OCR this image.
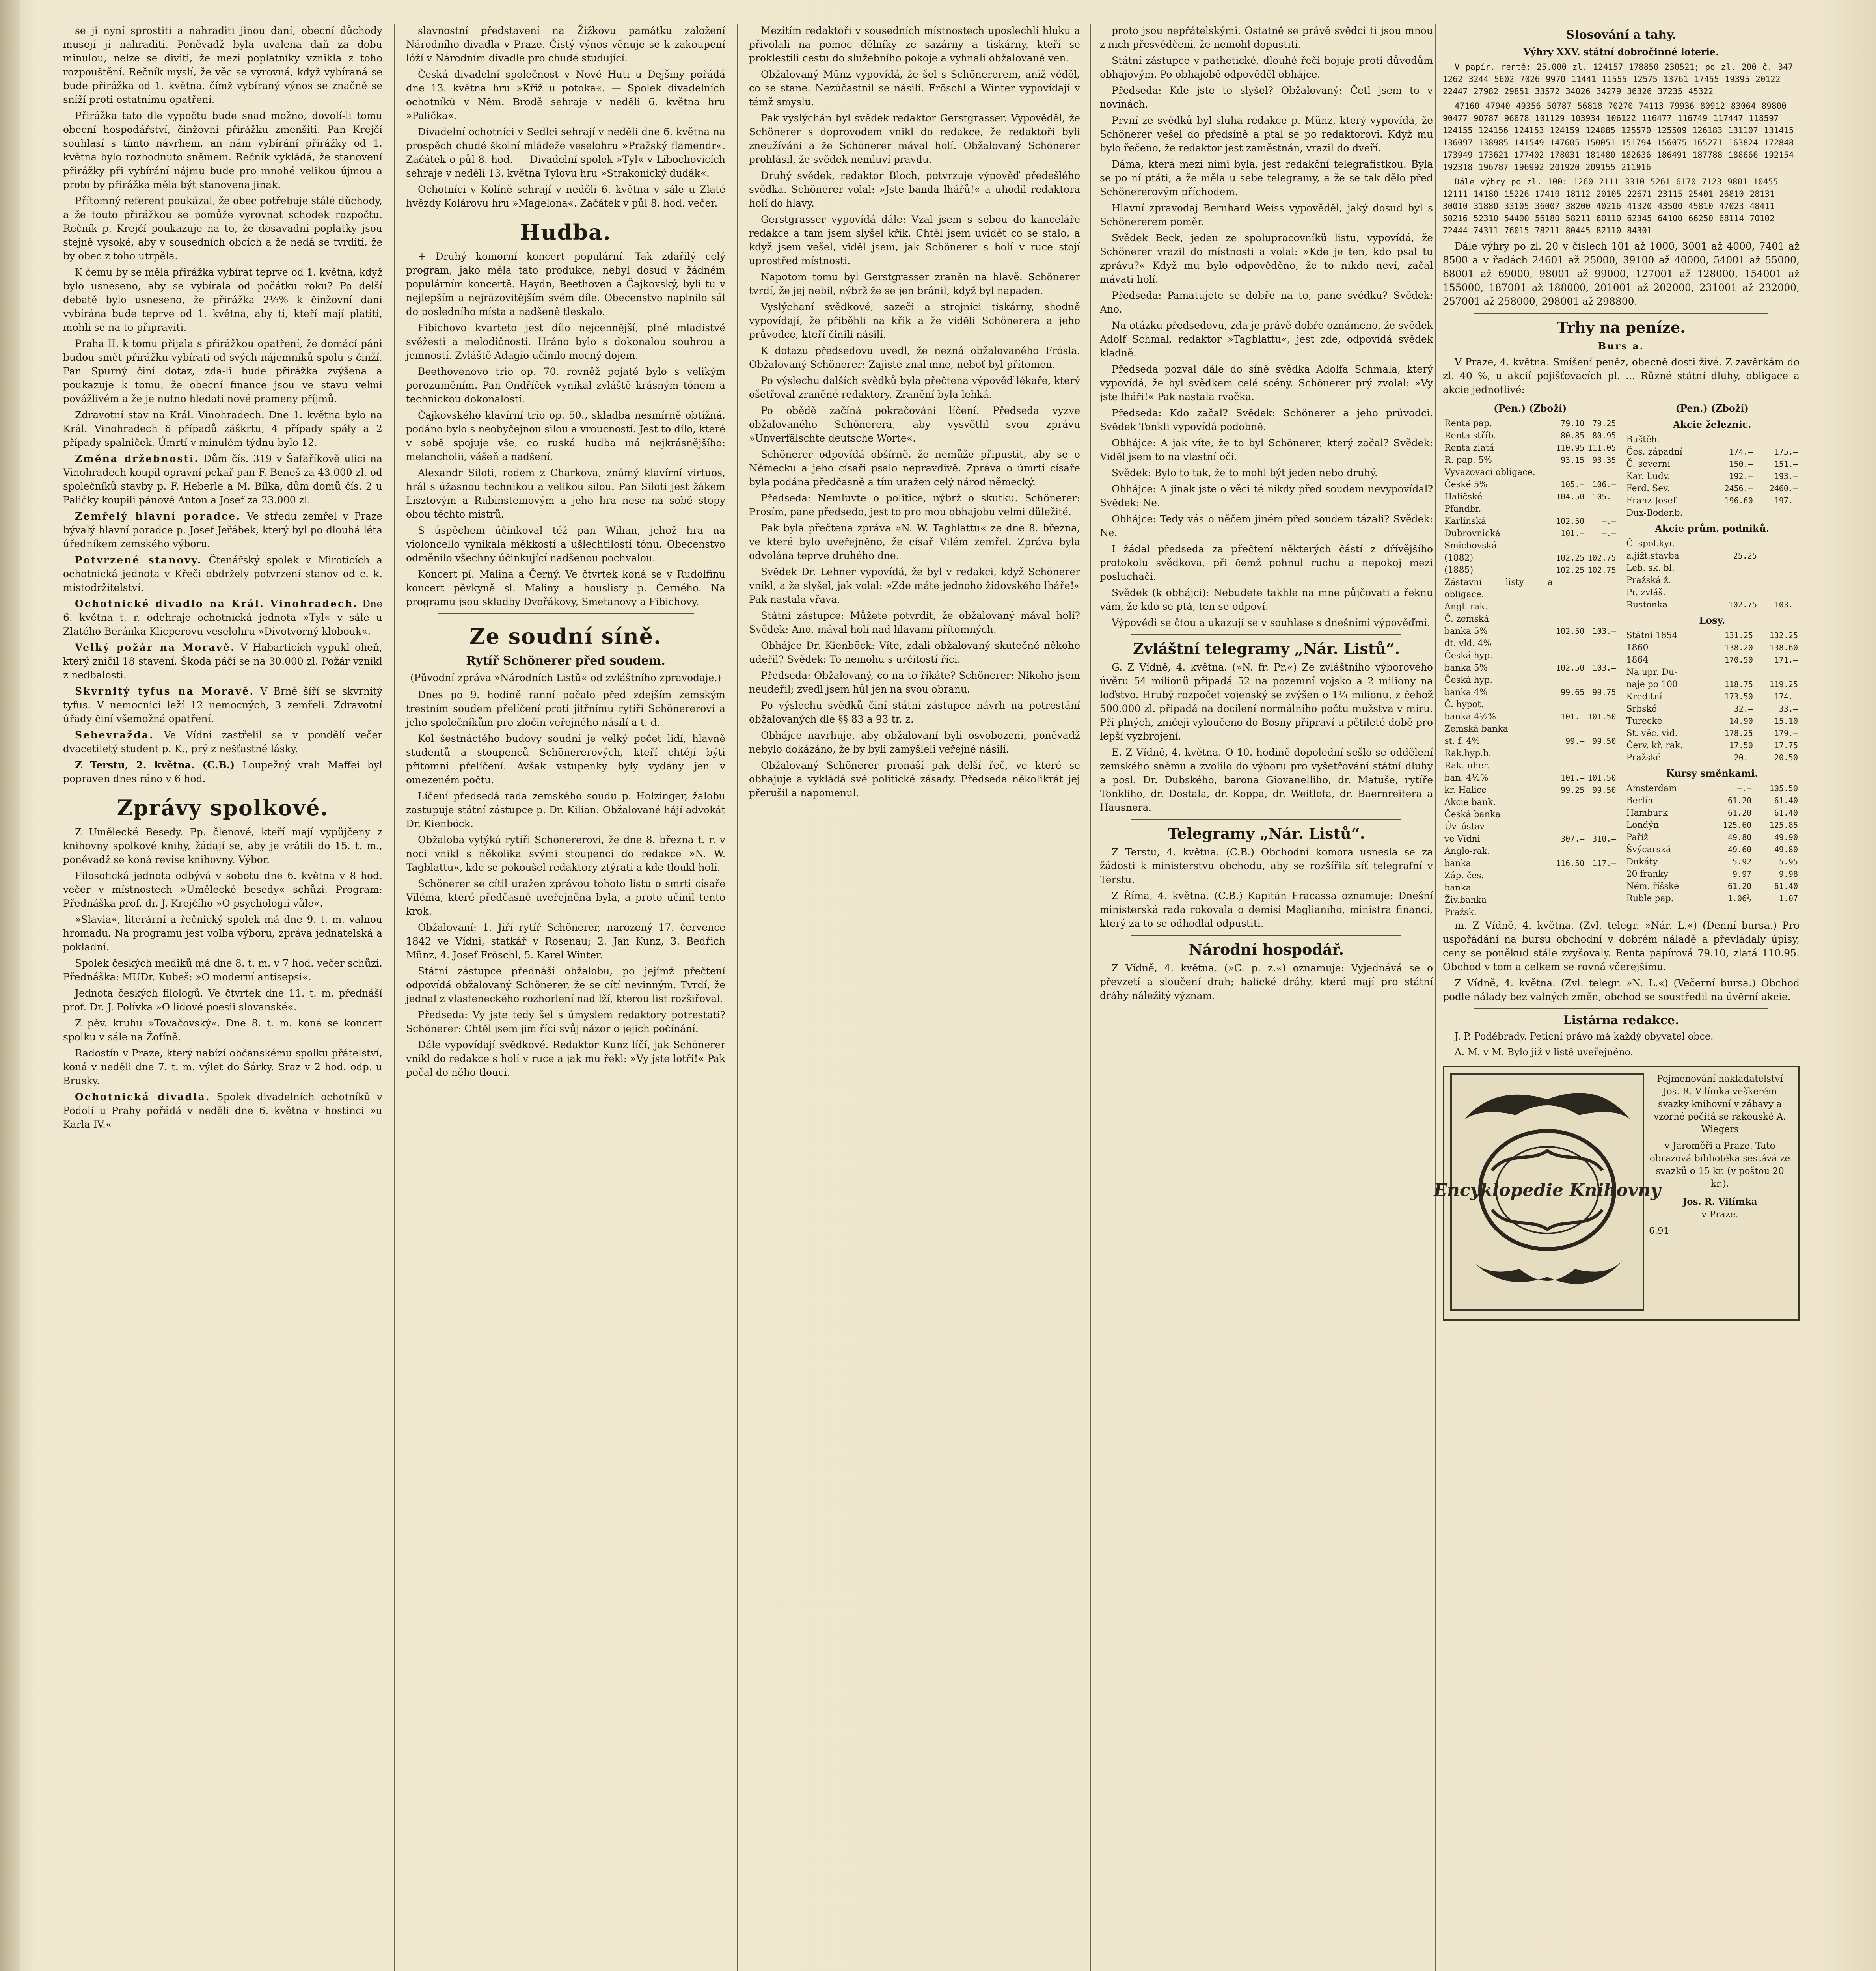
se ji nyní sprostiti a nahraditi jinou daní, obecní důchody musejí ji nahraditi. Poněvadž byla uvalena daň za dobu minulou, nelze se diviti, že mezi poplatníky vznikla z toho rozpouštění. Rečník myslí, že věc se vyrovná, když vybíraná se bude přirážka od 1. května, čímž vybíraný výnos se značně se sníží proti ostatnímu opatření.

Přirážka tato dle vypočtu bude snad možno, dovolí-li tomu obecní hospodářství, činžovní přirážku zmenšiti. Pan Krejčí souhlasí s tímto návrhem, an nám vybírání přirážky od 1. května bylo rozhodnuto sněmem. Rečník vykládá, že stanovení přirážky při vybírání nájmu bude pro mnohé velikou újmou a proto by přirážka měla být stanovena jinak.

Přítomný referent poukázal, že obec potřebuje stálé důchody, a že touto přirážkou se pomůže vyrovnat schodek rozpočtu. Rečník p. Krejčí poukazuje na to, že dosavadní poplatky jsou stejně vysoké, aby v sousedních obcích a že nedá se tvrditi, že by obec z toho utrpěla.

K čemu by se měla přirážka vybírat teprve od 1. května, když bylo usneseno, aby se vybírala od počátku roku? Po delší debatě bylo usneseno, že přirážka 2½% k činžovní dani vybírána bude teprve od 1. května, aby ti, kteří mají platiti, mohli se na to připraviti.

Praha II. k tomu přijala s přirážkou opatření, že domácí páni budou smět přirážku vybírati od svých nájemníků spolu s činží. Pan Spurný činí dotaz, zda-li bude přirážka zvýšena a poukazuje k tomu, že obecní finance jsou ve stavu velmi povážlivém a že je nutno hledati nové prameny příjmů.

Zdravotní stav na Král. Vinohradech. Dne 1. května bylo na Král. Vinohradech 6 případů záškrtu, 4 případy spály a 2 případy spalniček. Úmrtí v minulém týdnu bylo 12.

Změna držebnosti. Dům čís. 319 v Šafaříkově ulici na Vinohradech koupil opravní pekař pan F. Beneš za 43.000 zl. od společníků stavby p. F. Heberle a M. Bílka, dům domů čís. 2 u Paličky koupili pánové Anton a Josef za 23.000 zl.

Zemřelý hlavní poradce. Ve středu zemřel v Praze bývalý hlavní poradce p. Josef Jeřábek, který byl po dlouhá léta úředníkem zemského výboru.

Potvrzené stanovy. Čtenářský spolek v Miroticích a ochotnická jednota v Křeči obdržely potvrzení stanov od c. k. místodržitelství.

Ochotnické divadlo na Král. Vinohradech. Dne 6. května t. r. odehraje ochotnická jednota »Tyl« v sále u Zlatého Beránka Klicperovu veselohru »Divotvorný klobouk«.

Velký požár na Moravě. V Habarticích vypukl oheň, který zničil 18 stavení. Škoda páčí se na 30.000 zl. Požár vznikl z nedbalosti.

Skvrnitý tyfus na Moravě. V Brně šíří se skvrnitý tyfus. V nemocnici leží 12 nemocných, 3 zemřeli. Zdravotní úřady činí všemožná opatření.

Sebevražda. Ve Vídni zastřelil se v pondělí večer dvacetiletý student p. K., prý z nešťastné lásky.

Z Terstu, 2. května. (C.B.) Loupežný vrah Maffei byl popraven dnes ráno v 6 hod.

Zprávy spolkové.

Z Umělecké Besedy. Pp. členové, kteří mají vypůjčeny z knihovny spolkové knihy, žádají se, aby je vrátili do 15. t. m., poněvadž se koná revise knihovny. Výbor.

Filosofická jednota odbývá v sobotu dne 6. května v 8 hod. večer v místnostech »Umělecké besedy« schůzi. Program: Přednáška prof. dr. J. Krejčího »O psychologii vůle«.

»Slavia«, literární a řečnický spolek má dne 9. t. m. valnou hromadu. Na programu jest volba výboru, zpráva jednatelská a pokladní.

Spolek českých mediků má dne 8. t. m. v 7 hod. večer schůzi. Přednáška: MUDr. Kubeš: »O moderní antisepsi«.

Jednota českých filologů. Ve čtvrtek dne 11. t. m. přednáší prof. Dr. J. Polívka »O lidové poesii slovanské«.

Z pěv. kruhu »Tovačovský«. Dne 8. t. m. koná se koncert spolku v sále na Žofíně.

Radostín v Praze, který nabízí občanskému spolku přátelství, koná v neděli dne 7. t. m. výlet do Šárky. Sraz v 2 hod. odp. u Brusky.

Ochotnická divadla. Spolek divadelních ochotníků v Podolí u Prahy pořádá v neděli dne 6. května v hostinci »u Karla IV.«

slavnostní představení na Žižkovu památku založení Národního divadla v Praze. Čistý výnos věnuje se k zakoupení lóží v Národním divadle pro chudé studující.

Česká divadelní společnost v Nové Huti u Dejšiny pořádá dne 13. května hru »Křiž u potoka«. — Spolek divadelních ochotníků v Něm. Brodě sehraje v neděli 6. května hru »Palička«.

Divadelní ochotníci v Sedlci sehrají v neděli dne 6. května na prospěch chudé školní mládeže veselohru »Pražský flamendr«. Začátek o půl 8. hod. — Divadelní spolek »Tyl« v Libochovicích sehraje v neděli 13. května Tylovu hru »Strakonický dudák«.

Ochotníci v Kolíně sehrají v neděli 6. května v sále u Zlaté hvězdy Kolárovu hru »Magelona«. Začátek v půl 8. hod. večer.

Hudba.

+ Druhý komorní koncert populární. Tak zdařilý celý program, jako měla tato produkce, nebyl dosud v žádném populárním koncertě. Haydn, Beethoven a Čajkovský, byli tu v nejlepším a nejrázovitějším svém díle. Obecenstvo naplnilo sál do posledního místa a nadšeně tleskalo.

Fibichovo kvarteto jest dílo nejcennější, plné mladistvé svěžesti a melodičnosti. Hráno bylo s dokonalou souhrou a jemností. Zvláště Adagio učinilo mocný dojem.

Beethovenovo trio op. 70. rovněž pojaté bylo s velikým porozuměním. Pan Ondříček vynikal zvláště krásným tónem a technickou dokonalostí.

Čajkovského klavírní trio op. 50., skladba nesmírně obtížná, podáno bylo s neobyčejnou silou a vroucností. Jest to dílo, které v sobě spojuje vše, co ruská hudba má nejkrásnějšího: melancholii, vášeň a nadšení.

Alexandr Siloti, rodem z Charkova, známý klavírní virtuos, hrál s úžasnou technikou a velikou silou. Pan Siloti jest žákem Lisztovým a Rubinsteinovým a jeho hra nese na sobě stopy obou těchto mistrů.

S úspěchem účinkoval též pan Wihan, jehož hra na violoncello vynikala měkkostí a ušlechtilostí tónu. Obecenstvo odměnilo všechny účinkující nadšenou pochvalou.

Koncert pí. Malina a Černý. Ve čtvrtek koná se v Rudolfinu koncert pěvkyně sl. Maliny a houslisty p. Černého. Na programu jsou skladby Dvořákovy, Smetanovy a Fibichovy.

Ze soudní síně.
Rytíř Schönerer před soudem.
(Původní zpráva »Národních Listů« od zvláštního zpravodaje.)

Dnes po 9. hodině ranní počalo před zdejším zemským trestním soudem přelíčení proti jitřnímu rytíři Schönererovi a jeho společníkům pro zločin veřejného násilí a t. d.

Kol šestnáctého budovy soudní je velký počet lidí, hlavně studentů a stoupenců Schönererových, kteří chtějí býti přítomni přelíčení. Avšak vstupenky byly vydány jen v omezeném počtu.

Líčení předsedá rada zemského soudu p. Holzinger, žalobu zastupuje státní zástupce p. Dr. Kilian. Obžalované hájí advokát Dr. Kienböck.

Obžaloba vytýká rytíři Schönererovi, že dne 8. března t. r. v noci vnikl s několika svými stoupenci do redakce »N. W. Tagblattu«, kde se pokoušel redaktory ztýrati a kde tloukl holí.

Schönerer se cítil uražen zprávou tohoto listu o smrti císaře Viléma, které předčasně uveřejněna byla, a proto učinil tento krok.

Obžalovaní: 1. Jiří rytíř Schönerer, narozený 17. července 1842 ve Vídni, statkář v Rosenau; 2. Jan Kunz, 3. Bedřich Münz, 4. Josef Fröschl, 5. Karel Winter.

Státní zástupce přednáší obžalobu, po jejímž přečtení odpovídá obžalovaný Schönerer, že se cítí nevinným. Tvrdí, že jednal z vlasteneckého rozhorlení nad lží, kterou list rozšiřoval.

Předseda: Vy jste tedy šel s úmyslem redaktory potrestati? Schönerer: Chtěl jsem jim říci svůj názor o jejich počínání.

Dále vypovídají svědkové. Redaktor Kunz líčí, jak Schönerer vnikl do redakce s holí v ruce a jak mu řekl: »Vy jste lotři!« Pak počal do něho tlouci.

Mezitím redaktoři v sousedních místnostech uposlechli hluku a přivolali na pomoc dělníky ze sazárny a tiskárny, kteří se proklestili cestu do služebního pokoje a vyhnali obžalované ven.

Obžalovaný Münz vypovídá, že šel s Schönererem, aniž věděl, co se stane. Nezúčastnil se násilí. Fröschl a Winter vypovídají v témž smyslu.

Pak vyslýchán byl svědek redaktor Gerstgrasser. Vypověděl, že Schönerer s doprovodem vnikl do redakce, že redaktoři byli zneužíváni a že Schönerer mával holí. Obžalovaný Schönerer prohlásil, že svědek nemluví pravdu.

Druhý svědek, redaktor Bloch, potvrzuje výpověď předešlého svědka. Schönerer volal: »Jste banda lhářů!« a uhodil redaktora holí do hlavy.

Gerstgrasser vypovídá dále: Vzal jsem s sebou do kanceláře redakce a tam jsem slyšel křik. Chtěl jsem uvidět co se stalo, a když jsem vešel, viděl jsem, jak Schönerer s holí v ruce stojí uprostřed místnosti.

Napotom tomu byl Gerstgrasser zraněn na hlavě. Schönerer tvrdí, že jej nebil, nýbrž že se jen bránil, když byl napaden.

Vyslýchaní svědkové, sazeči a strojníci tiskárny, shodně vypovídají, že přiběhli na křik a že viděli Schönerera a jeho průvodce, kteří činili násilí.

K dotazu předsedovu uvedl, že nezná obžalovaného Frösla. Obžalovaný Schönerer: Zajisté znal mne, neboť byl přítomen.

Po výslechu dalších svědků byla přečtena výpověď lékaře, který ošetřoval zraněné redaktory. Zranění byla lehká.

Po obědě začíná pokračování líčení. Předseda vyzve obžalovaného Schönerera, aby vysvětlil svou zprávu »Unverfälschte deutsche Worte«.

Schönerer odpovídá obšírně, že nemůže připustit, aby se o Německu a jeho císaři psalo nepravdivě. Zpráva o úmrtí císaře byla podána předčasně a tím uražen celý národ německý.

Předseda: Nemluvte o politice, nýbrž o skutku. Schönerer: Prosím, pane předsedo, jest to pro mou obhajobu velmi důležité.

Pak byla přečtena zpráva »N. W. Tagblattu« ze dne 8. března, ve které bylo uveřejněno, že císař Vilém zemřel. Zpráva byla odvolána teprve druhého dne.

Svědek Dr. Lehner vypovídá, že byl v redakci, když Schönerer vnikl, a že slyšel, jak volal: »Zde máte jednoho židovského lháře!« Pak nastala vřava.

Státní zástupce: Můžete potvrdit, že obžalovaný mával holí? Svědek: Ano, mával holí nad hlavami přítomných.

Obhájce Dr. Kienböck: Víte, zdali obžalovaný skutečně někoho udeřil? Svědek: To nemohu s určitostí říci.

Předseda: Obžalovaný, co na to říkáte? Schönerer: Nikoho jsem neudeřil; zvedl jsem hůl jen na svou obranu.

Po výslechu svědků činí státní zástupce návrh na potrestání obžalovaných dle §§ 83 a 93 tr. z.

Obhájce navrhuje, aby obžalovaní byli osvobozeni, poněvadž nebylo dokázáno, že by byli zamýšleli veřejné násilí.

Obžalovaný Schönerer pronáší pak delší řeč, ve které se obhajuje a vykládá své politické zásady. Předseda několikrát jej přerušil a napomenul.

proto jsou nepřátelskými. Ostatně se právě svědci ti jsou mnou z nich přesvědčeni, že nemohl dopustiti.

Státní zástupce v pathetické, dlouhé řeči bojuje proti důvodům obhajovým. Po obhajobě odpověděl obhájce.

Předseda: Kde jste to slyšel? Obžalovaný: Četl jsem to v novinách.

První ze svědků byl sluha redakce p. Münz, který vypovídá, že Schönerer vešel do předsíně a ptal se po redaktorovi. Když mu bylo řečeno, že redaktor jest zaměstnán, vrazil do dveří.

Dáma, která mezi nimi byla, jest redakční telegrafistkou. Byla se po ní ptáti, a že měla u sebe telegramy, a že se tak dělo před Schönererovým příchodem.

Hlavní zpravodaj Bernhard Weiss vypověděl, jaký dosud byl s Schönererem poměr.

Svědek Beck, jeden ze spolupracovníků listu, vypovídá, že Schönerer vrazil do místnosti a volal: »Kde je ten, kdo psal tu zprávu?« Když mu bylo odpověděno, že to nikdo neví, začal mávati holí.

Předseda: Pamatujete se dobře na to, pane svědku? Svědek: Ano.

Na otázku předsedovu, zda je právě dobře oznámeno, že svědek Adolf Schmal, redaktor »Tagblattu«, jest zde, odpovídá svědek kladně.

Předseda pozval dále do síně svědka Adolfa Schmala, který vypovídá, že byl svědkem celé scény. Schönerer prý zvolal: »Vy jste lháři!« Pak nastala rvačka.

Předseda: Kdo začal? Svědek: Schönerer a jeho průvodci. Svědek Tonkli vypovídá podobně.

Obhájce: A jak víte, že to byl Schönerer, který začal? Svědek: Viděl jsem to na vlastní oči.

Svědek: Bylo to tak, že to mohl být jeden nebo druhý.

Obhájce: A jinak jste o věci té nikdy před soudem nevypovídal? Svědek: Ne.

Obhájce: Tedy vás o něčem jiném před soudem tázali? Svědek: Ne.

I žádal předseda za přečtení některých částí z dřívějšího protokolu svědkova, při čemž pohnul ruchu a nepokoj mezi posluchači.

Svědek (k obhájci): Nebudete takhle na mne půjčovati a řeknu vám, že kdo se ptá, ten se odpoví.

Výpovědi se čtou a ukazují se v souhlase s dnešními výpověďmi.

Zvláštní telegramy „Nár. Listů“.

G. Z Vídně, 4. května. (»N. fr. Pr.«) Ze zvláštního výborového úvěru 54 milionů připadá 52 na pozemní vojsko a 2 miliony na loďstvo. Hrubý rozpočet vojenský se zvýšen o 1¼ milionu, z čehož 500.000 zl. připadá na docílení normálního počtu mužstva v míru. Při plných, zničeji vyloučeno do Bosny připraví u pětileté době pro lepší vyzbrojení.

E. Z Vídně, 4. května. O 10. hodině dopolední sešlo se oddělení zemského sněmu a zvolilo do výboru pro vyšetřování státní dluhy a posl. Dr. Dubského, barona Giovanelliho, dr. Matuše, rytíře Tonkliho, dr. Dostala, dr. Koppa, dr. Weitlofa, dr. Baernreitera a Hausnera.

Telegramy „Nár. Listů“.

Z Terstu, 4. května. (C.B.) Obchodní komora usnesla se za žádosti k ministerstvu obchodu, aby se rozšířila síť telegrafní v Terstu.

Z Říma, 4. května. (C.B.) Kapitán Fracassa oznamuje: Dnešní ministerská rada rokovala o demisi Maglianiho, ministra financí, který za to se odhodlal odpustiti.

Národní hospodář.

Z Vídně, 4. května. (»C. p. z.«) oznamuje: Vyjednává se o převzetí a sloučení drah; halické dráhy, která mají pro státní dráhy náležitý význam.

Slosování a tahy.
Výhry XXV. státní dobročinné loterie.

V papír. rentě: 25.000 zl. 124157 178850 230521; po zl. 200 č. 347 1262 3244 5602 7026 9970 11441 11555 12575 13761 17455 19395 20122 22447 27982 29851 33572 34026 34279 36326 37235 45322

47160 47940 49356 50787 56818 70270 74113 79936 80912 83064 89800 90477 90787 96878 101129 103934 106122 116477 116749 117447 118597 124155 124156 124153 124159 124885 125570 125509 126183 131107 131415 136097 138985 141549 147605 150051 151794 156075 165271 163824 172848 173949 173621 177402 178031 181480 182636 186491 187788 188666 192154 192318 196787 196992 201920 209155 211916

Dále výhry po zl. 100: 1260 2111 3310 5261 6170 7123 9801 10455 12111 14180 15226 17410 18112 20105 22671 23115 25401 26810 28131 30010 31880 33105 36007 38200 40216 41320 43500 45810 47023 48411 50216 52310 54400 56180 58211 60110 62345 64100 66250 68114 70102 72444 74311 76015 78211 80445 82110 84301

Dále výhry po zl. 20 v číslech 101 až 1000, 3001 až 4000, 7401 až 8500 a v řadách 24601 až 25000, 39100 až 40000, 54001 až 55000, 68001 až 69000, 98001 až 99000, 127001 až 128000, 154001 až 155000, 187001 až 188000, 201001 až 202000, 231001 až 232000, 257001 až 258000, 298001 až 298800.

Trhy na peníze.
Burs a.

V Praze, 4. května. Smíšení peněz, obecně dosti živé. Z zavěrkám do zl. 40 %, u akcií pojišťovacích pl. ... Různé státní dluhy, obligace a akcie jednotlivé:

(Pen.) (Zboží)
Renta pap.	79.10	79.25
Renta stříb.	80.85	80.95
Renta zlatá	110.95	111.05
R. pap. 5%	93.15	93.35
Vyvazovací obligace.		
České 5%	105.—	106.—
Haličské	104.50	105.—
Pfandbr.		
Karlínská	102.50	—.—
Dubrovnická	101.—	—.—
Smíchovská		
(1882)	102.25	102.75
(1885)	102.25	102.75
Zástavní listy a obligace.		
Angl.-rak.		
Č. zemská		
banka 5%	102.50	103.—
dt. vld. 4%		
Česká hyp.		
banka 5%	102.50	103.—
Česká hyp.		
banka 4%	99.65	99.75
Č. hypot.		
banka 4½%	101.—	101.50
Zemská banka		
st. f. 4%	99.—	99.50
Rak.hyp.b.		
Rak.-uher.		
ban. 4½%	101.—	101.50
kr. Halice	99.25	99.50
Akcie bank.		
Česká banka		
Úv. ústav		
ve Vídni	307.—	310.—
Anglo-rak.		
banka	116.50	117.—
Záp.-čes.		
banka		
Živ.banka		
Pražsk.		
(Pen.) (Zboží)
Akcie železnic.
Buštěh.		
Čes. západní	174.—	175.—
Č. severní	150.—	151.—
Kar. Ludv.	192.—	193.—
Ferd. Sev.	2456.—	2460.—
Franz Josef	196.60	197.—
Dux-Bodenb.		
Akcie prům. podniků.
Č. spol.kyr.		
a.jižt.stavba	25.25	
Leb. sk. bl.		
Pražská ž.		
Pr. zvláš.		
Rustonka	102.75	103.—
Losy.
Státní 1854	131.25	132.25
1860	138.20	138.60
1864	170.50	171.—
Na upr. Du-		
naje po 100	118.75	119.25
Kreditní	173.50	174.—
Srbské	32.—	33.—
Turecké	14.90	15.10
St. věc. vid.	178.25	179.—
Červ. kř. rak.	17.50	17.75
Pražské	20.—	20.50
Kursy směnkami.
Amsterdam	—.—	105.50
Berlín	61.20	61.40
Hamburk	61.20	61.40
Londýn	125.60	125.85
Paříž	49.80	49.90
Švýcarská	49.60	49.80
Dukáty	5.92	5.95
20 franky	9.97	9.98
Něm. říšské	61.20	61.40
Ruble pap.	1.06½	1.07

m. Z Vídně, 4. května. (Zvl. telegr. »Nár. L.«) (Denní bursa.) Pro uspořádání na bursu obchodní v dobrém náladě a převládaly úpisy, ceny se poněkud stále zvyšovaly. Renta papírová 79.10, zlatá 110.95. Obchod v tom a celkem se rovná včerejšímu.

Z Vídně, 4. května. (Zvl. telegr. »N. L.«) (Večerní bursa.) Obchod podle nálady bez valných změn, obchod se soustředil na úvěrní akcie.

Listárna redakce.

J. P. Poděbrady. Peticní právo má každý obyvatel obce.

A. M. v M. Bylo již v listě uveřejněno.

Encyklopedie Knihovny
Pojmenování nakladatelství Jos. R. Vilímka veškerém svazky knihovní v zábavy a vzorné počítá se rakouské A. Wiegers
v Jaroměři a Praze. Tato obrazová bibliotéka sestává ze svazků o 15 kr. (v poštou 20 kr.).
Jos. R. Vilímka
v Praze.
6.91
